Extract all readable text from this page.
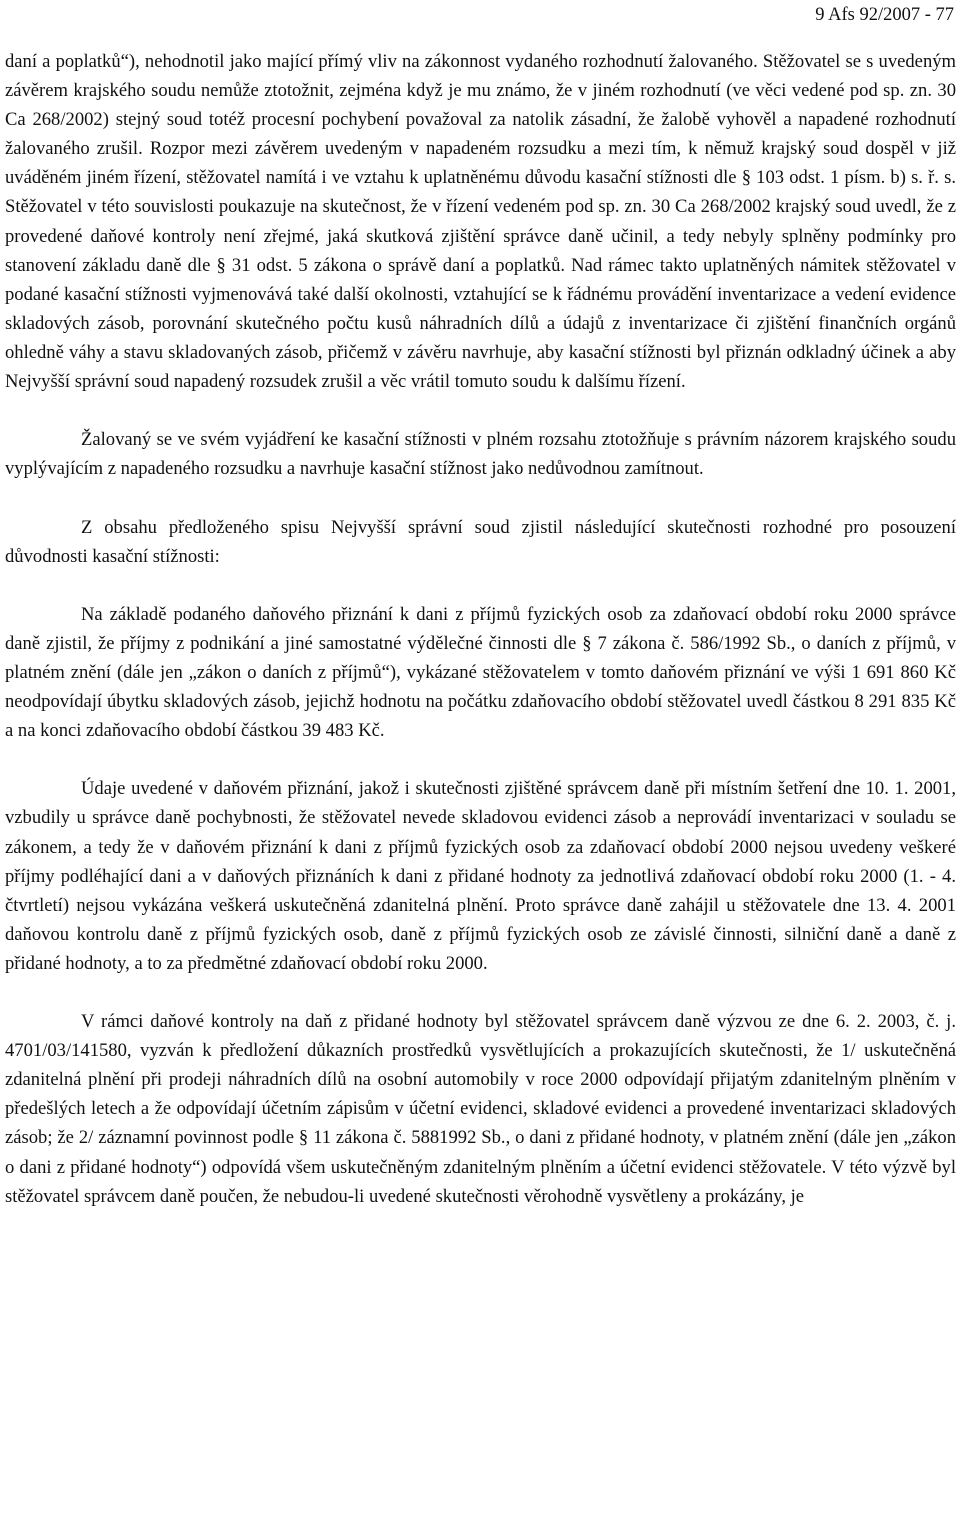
9 Afs 92/2007 - 77

daní a poplatků“), nehodnotil jako mající přímý vliv na zákonnost vydaného rozhodnutí žalovaného. Stěžovatel se s uvedeným závěrem krajského soudu nemůže ztotožnit, zejména když je mu známo, že v jiném rozhodnutí (ve věci vedené pod sp. zn. 30 Ca 268/2002) stejný soud totéž procesní pochybení považoval za natolik zásadní, že žalobě vyhověl a napadené rozhodnutí žalovaného zrušil. Rozpor mezi závěrem uvedeným v napadeném rozsudku a mezi tím, k němuž krajský soud dospěl v již uváděném jiném řízení, stěžovatel namítá i ve vztahu k uplatněnému důvodu kasační stížnosti dle § 103 odst. 1 písm. b) s. ř. s. Stěžovatel v této souvislosti poukazuje na skutečnost, že v řízení vedeném pod sp. zn. 30 Ca 268/2002 krajský soud uvedl, že z provedené daňové kontroly není zřejmé, jaká skutková zjištění správce daně učinil, a tedy nebyly splněny podmínky pro stanovení základu daně dle § 31 odst. 5 zákona o správě daní a poplatků. Nad rámec takto uplatněných námitek stěžovatel v podané kasační stížnosti vyjmenovává také další okolnosti, vztahující se k řádnému provádění inventarizace a vedení evidence skladových zásob, porovnání skutečného počtu kusů náhradních dílů a údajů z inventarizace či zjištění finančních orgánů ohledně váhy a stavu skladovaných zásob, přičemž v závěru navrhuje, aby kasační stížnosti byl přiznán odkladný účinek a aby Nejvyšší správní soud napadený rozsudek zrušil a věc vrátil tomuto soudu k dalšímu řízení.

Žalovaný se ve svém vyjádření ke kasační stížnosti v plném rozsahu ztotožňuje s právním názorem krajského soudu vyplývajícím z napadeného rozsudku a navrhuje kasační stížnost jako nedůvodnou zamítnout.

Z obsahu předloženého spisu Nejvyšší správní soud zjistil následující skutečnosti rozhodné pro posouzení důvodnosti kasační stížnosti:

Na základě podaného daňového přiznání k dani z příjmů fyzických osob za zdaňovací období roku 2000 správce daně zjistil, že příjmy z podnikání a jiné samostatné výdělečné činnosti dle § 7 zákona č. 586/1992 Sb., o daních z příjmů, v platném znění (dále jen „zákon o daních z příjmů“), vykázané stěžovatelem v tomto daňovém přiznání ve výši 1 691 860 Kč neodpovídají úbytku skladových zásob, jejichž hodnotu na počátku zdaňovacího období stěžovatel uvedl částkou 8 291 835 Kč a na konci zdaňovacího období částkou 39 483 Kč.

Údaje uvedené v daňovém přiznání, jakož i skutečnosti zjištěné správcem daně při místním šetření dne 10. 1. 2001, vzbudily u správce daně pochybnosti, že stěžovatel nevede skladovou evidenci zásob a neprovádí inventarizaci v souladu se zákonem, a tedy že v daňovém přiznání k dani z příjmů fyzických osob za zdaňovací období 2000 nejsou uvedeny veškeré příjmy podléhající dani a v daňových přiznáních k dani z přidané hodnoty za jednotlivá zdaňovací období roku 2000 (1. - 4. čtvrtletí) nejsou vykázána veškerá uskutečněná zdanitelná plnění. Proto správce daně zahájil u stěžovatele dne 13. 4. 2001 daňovou kontrolu daně z příjmů fyzických osob, daně z příjmů fyzických osob ze závislé činnosti, silniční daně a daně z přidané hodnoty, a to za předmětné zdaňovací období roku 2000.

V rámci daňové kontroly na daň z přidané hodnoty byl stěžovatel správcem daně výzvou ze dne 6. 2. 2003, č. j. 4701/03/141580, vyzván k předložení důkazních prostředků vysvětlujících a prokazujících skutečnosti, že 1/ uskutečněná zdanitelná plnění při prodeji náhradních dílů na osobní automobily v roce 2000 odpovídají přijatým zdanitelným plněním v předešlých letech a že odpovídají účetním zápisům v účetní evidenci, skladové evidenci a provedené inventarizaci skladových zásob; že 2/ záznamní povinnost podle § 11 zákona č. 5881992 Sb., o dani z přidané hodnoty, v platném znění (dále jen „zákon o dani z přidané hodnoty“) odpovídá všem uskutečněným zdanitelným plněním a účetní evidenci stěžovatele. V této výzvě byl stěžovatel správcem daně poučen, že nebudou-li uvedené skutečnosti věrohodně vysvětleny a prokázány, je
